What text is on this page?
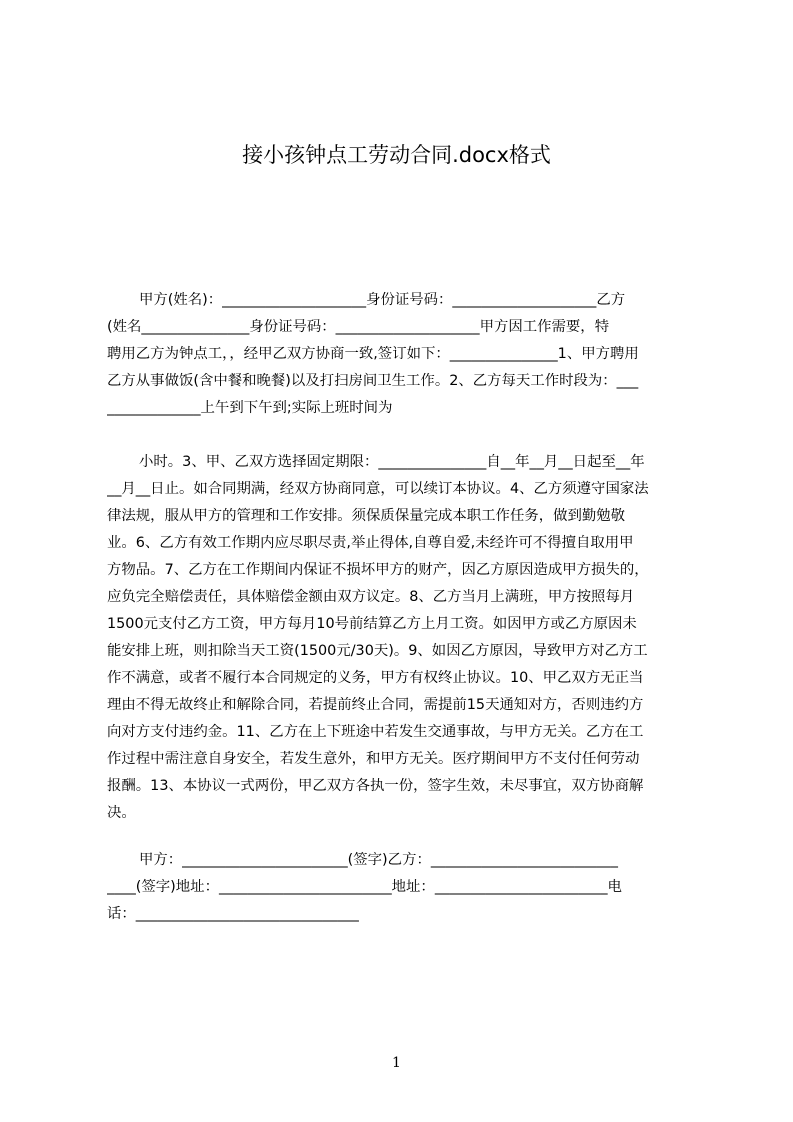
接小孩钟点工劳动合同.docx格式
甲方(姓名)：____________________身份证号码：____________________乙方
(姓名_______________身份证号码：____________________甲方因工作需要，特
聘用乙方为钟点工，，经甲乙双方协商一致,签订如下：_______________1、甲方聘用
乙方从事做饭(含中餐和晚餐)以及打扫房间卫生工作。2、乙方每天工作时段为：___
_____________上午到下午到;实际上班时间为
小时。3、甲、乙双方选择固定期限：_______________自__年__月__日起至__年
__月__日止。如合同期满，经双方协商同意，可以续订本协议。4、乙方须遵守国家法
律法规，服从甲方的管理和工作安排。须保质保量完成本职工作任务，做到勤勉敬
业。6、乙方有效工作期内应尽职尽责,举止得体,自尊自爱,未经许可不得擅自取用甲
方物品。7、乙方在工作期间内保证不损坏甲方的财产，因乙方原因造成甲方损失的，
应负完全赔偿责任，具体赔偿金额由双方议定。8、乙方当月上满班，甲方按照每月
1500元支付乙方工资，甲方每月10号前结算乙方上月工资。如因甲方或乙方原因未
能安排上班，则扣除当天工资(1500元/30天)。9、如因乙方原因，导致甲方对乙方工
作不满意，或者不履行本合同规定的义务，甲方有权终止协议。10、甲乙双方无正当
理由不得无故终止和解除合同，若提前终止合同，需提前15天通知对方，否则违约方
向对方支付违约金。11、乙方在上下班途中若发生交通事故，与甲方无关。乙方在工
作过程中需注意自身安全，若发生意外，和甲方无关。医疗期间甲方不支付任何劳动
报酬。13、本协议一式两份，甲乙双方各执一份，签字生效，未尽事宜，双方协商解
决。
甲方：_______________________(签字)乙方：__________________________
____(签字)地址：________________________地址：________________________电
话：_______________________________
1
